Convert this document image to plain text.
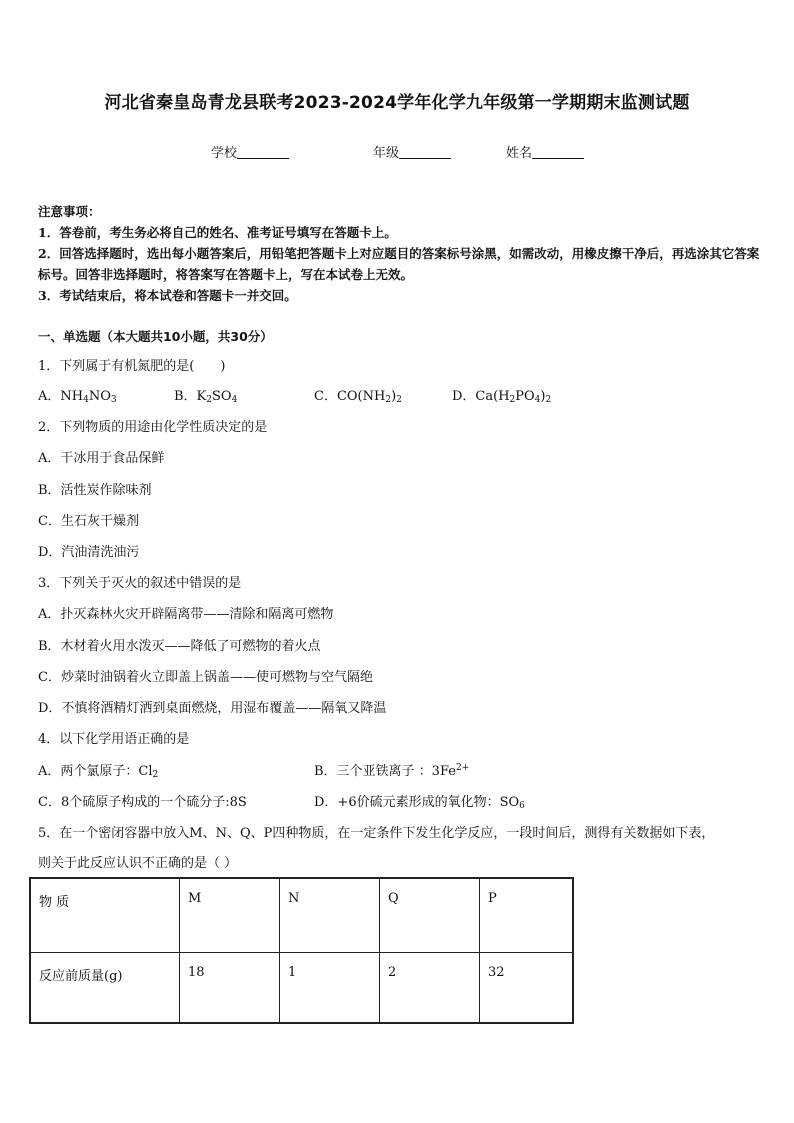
河北省秦皇岛青龙县联考2023-2024学年化学九年级第一学期期末监测试题
学校	年级	姓名
注意事项：
1．答卷前，考生务必将自己的姓名、准考证号填写在答题卡上。
2．回答选择题时，选出每小题答案后，用铅笔把答题卡上对应题目的答案标号涂黑，如需改动，用橡皮擦干净后，再选涂其它答案标号。回答非选择题时，将答案写在答题卡上，写在本试卷上无效。
3．考试结束后，将本试卷和答题卡一并交回。
一、单选题（本大题共10小题，共30分）
1．下列属于有机氮肥的是(　　)
A．$NH_4NO_3$	B．$K_2SO_4$	C．$CO(NH_2)_2$	D．$Ca(H_2PO_4)_2$
2．下列物质的用途由化学性质决定的是
A．干冰用于食品保鲜
B．活性炭作除味剂
C．生石灰干燥剂
D．汽油清洗油污
3．下列关于灭火的叙述中错误的是
A．扑灭森林火灾开辟隔离带——清除和隔离可燃物
B．木材着火用水泼灭——降低了可燃物的着火点
C．炒菜时油锅着火立即盖上锅盖——使可燃物与空气隔绝
D．不慎将酒精灯洒到桌面燃烧，用湿布覆盖——隔氧又降温
4．以下化学用语正确的是
A．两个氯原子：$Cl_2$	B．三个亚铁离子 ：$3Fe^{2+}$
C．8个硫原子构成的一个硫分子:8S	D．+6价硫元素形成的氧化物：$SO_6$
5．在一个密闭容器中放入M、N、Q、P四种物质，在一定条件下发生化学反应，一段时间后，测得有关数据如下表，
则关于此反应认识不正确的是（ ）
物 质	M	N	Q	P
反应前质量(g)	18	1	2	32
